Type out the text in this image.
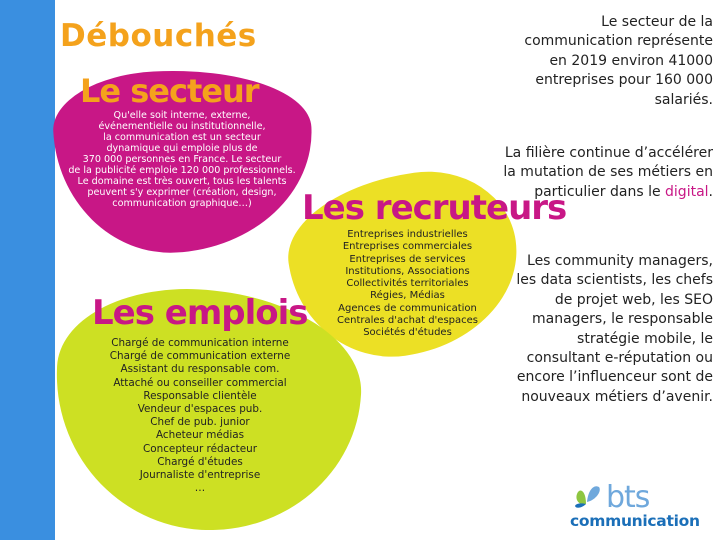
Débouchés
Le secteur
Qu'elle soit interne, externe,
événementielle ou institutionnelle,
la communication est un secteur
dynamique qui emploie plus de
370 000 personnes en France. Le secteur
de la publicité emploie 120 000 professionnels.
Le domaine est très ouvert, tous les talents
peuvent s'y exprimer (création, design,
communication graphique…)	Les recruteurs
Entreprises industrielles
Entreprises commerciales
Entreprises de services
Institutions, Associations
Collectivités territoriales
Régies, Médias
Agences de communication
Centrales d'achat d'espaces
Sociétés d'études
Les emplois
Chargé de communication interne
Chargé de communication externe
Assistant du responsable com.
Attaché ou conseiller commercial
Responsable clientèle
Vendeur d'espaces pub.
Chef de pub. junior
Acheteur médias
Concepteur rédacteur
Chargé d'études
Journaliste d'entreprise
…
Le secteur de la communication représente en 2019 environ 41000 entreprises pour 160 000 salariés.
La filière continue d’accélérer la mutation de ses métiers en particulier dans le digital.
Les community managers, les data scientists, les chefs de projet web, les SEO managers, le responsable stratégie mobile, le consultant e-réputation ou encore l’influenceur sont de nouveaux métiers d’avenir.
bts
communication
